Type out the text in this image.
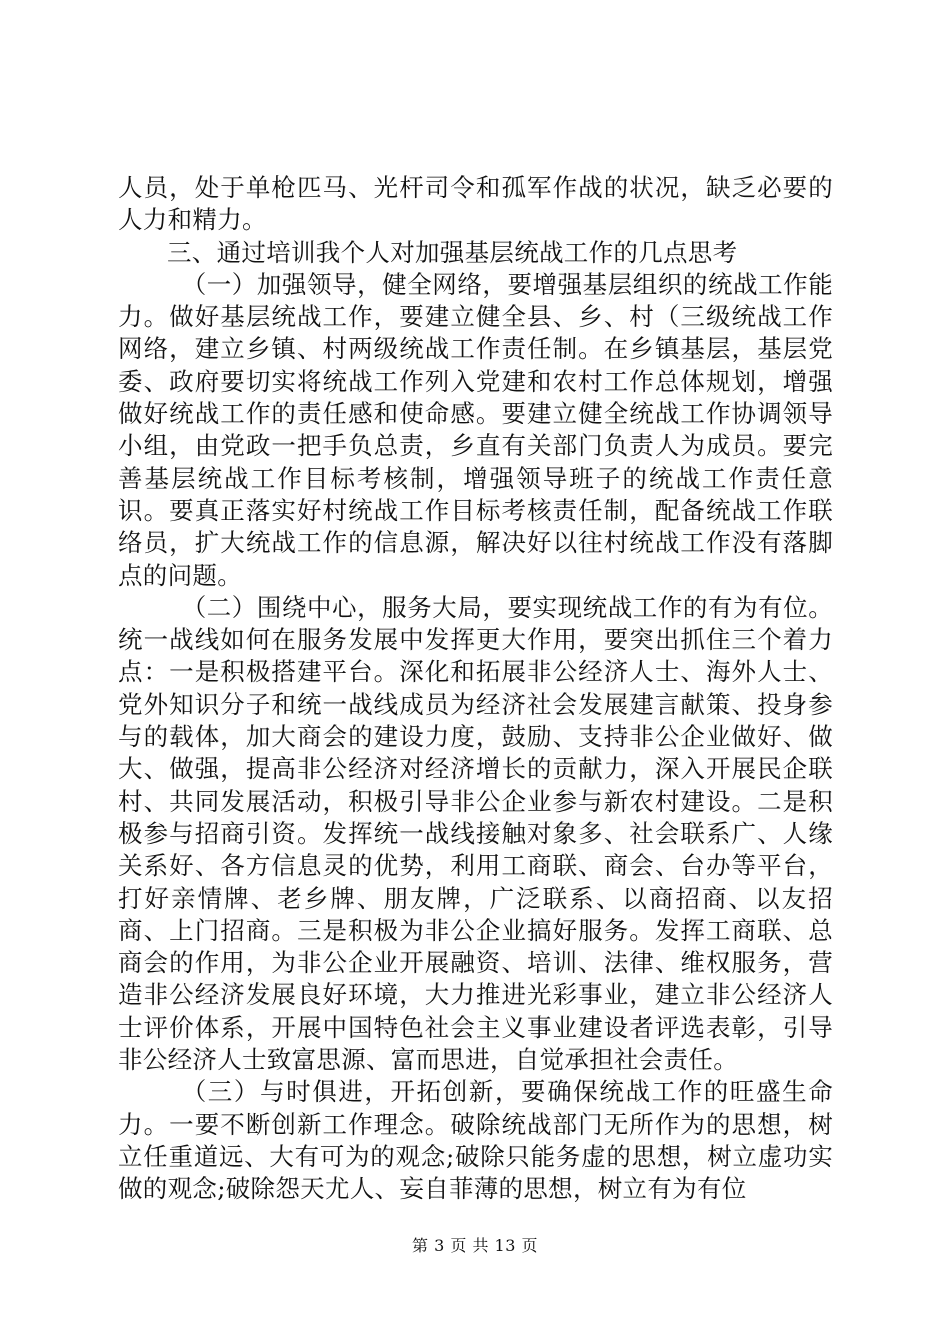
人员，处于单枪匹马、光杆司令和孤军作战的状况，缺乏必要的人力和精力。

三、通过培训我个人对加强基层统战工作的几点思考

（一）加强领导，健全网络，要增强基层组织的统战工作能力。做好基层统战工作，要建立健全县、乡、村（三级统战工作网络，建立乡镇、村两级统战工作责任制。在乡镇基层，基层党委、政府要切实将统战工作列入党建和农村工作总体规划，增强做好统战工作的责任感和使命感。要建立健全统战工作协调领导小组，由党政一把手负总责，乡直有关部门负责人为成员。要完善基层统战工作目标考核制，增强领导班子的统战工作责任意识。要真正落实好村统战工作目标考核责任制，配备统战工作联络员，扩大统战工作的信息源，解决好以往村统战工作没有落脚点的问题。

（二）围绕中心，服务大局，要实现统战工作的有为有位。统一战线如何在服务发展中发挥更大作用，要突出抓住三个着力点：一是积极搭建平台。深化和拓展非公经济人士、海外人士、党外知识分子和统一战线成员为经济社会发展建言献策、投身参与的载体，加大商会的建设力度，鼓励、支持非公企业做好、做大、做强，提高非公经济对经济增长的贡献力，深入开展民企联村、共同发展活动，积极引导非公企业参与新农村建设。二是积极参与招商引资。发挥统一战线接触对象多、社会联系广、人缘关系好、各方信息灵的优势，利用工商联、商会、台办等平台，打好亲情牌、老乡牌、朋友牌，广泛联系、以商招商、以友招商、上门招商。三是积极为非公企业搞好服务。发挥工商联、总商会的作用，为非公企业开展融资、培训、法律、维权服务，营造非公经济发展良好环境，大力推进光彩事业，建立非公经济人士评价体系，开展中国特色社会主义事业建设者评选表彰，引导非公经济人士致富思源、富而思进，自觉承担社会责任。

（三）与时俱进，开拓创新，要确保统战工作的旺盛生命力。一要不断创新工作理念。破除统战部门无所作为的思想，树立任重道远、大有可为的观念;破除只能务虚的思想，树立虚功实做的观念;破除怨天尤人、妄自菲薄的思想，树立有为有位

第 3 页 共 13 页
